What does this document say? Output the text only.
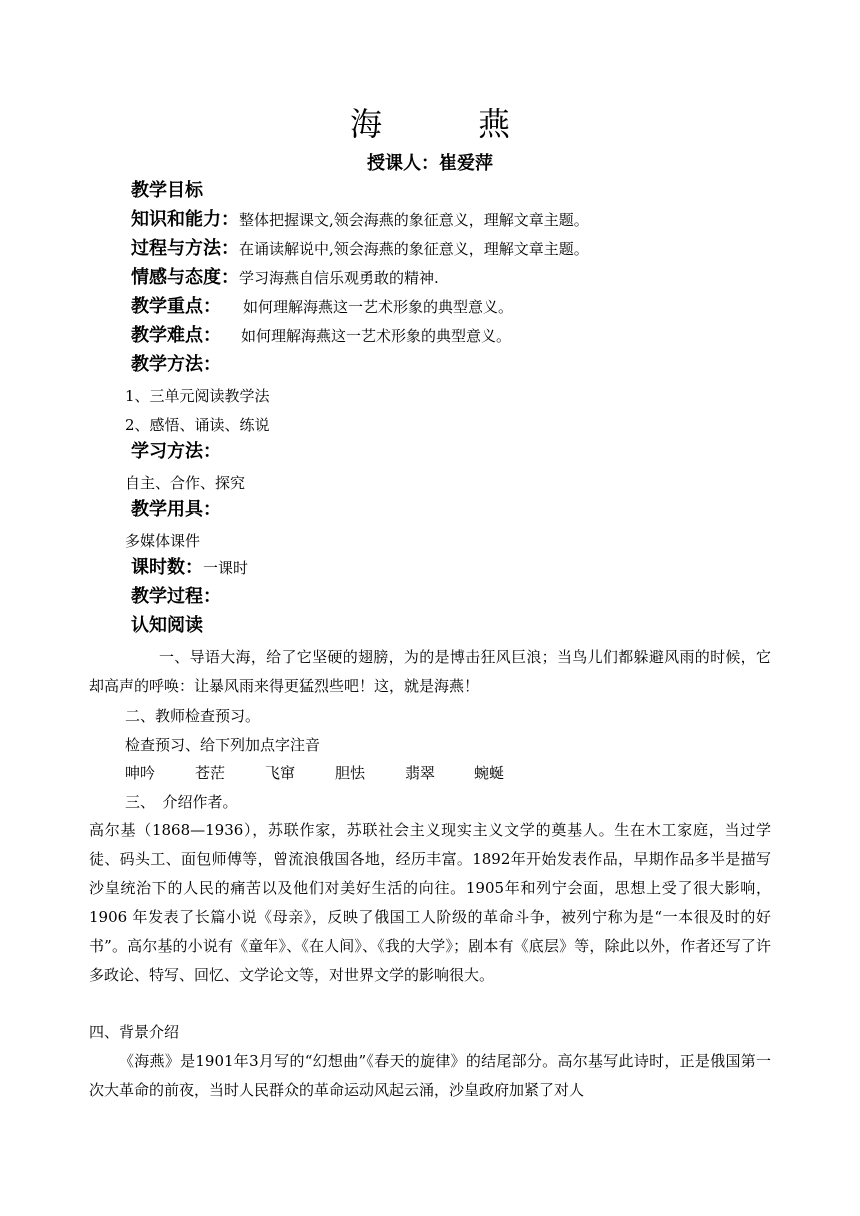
海	燕
授课人：崔爱萍
教学目标
知识和能力：整体把握课文,领会海燕的象征意义，理解文章主题。
过程与方法：在诵读解说中,领会海燕的象征意义，理解文章主题。
情感与态度：学习海燕自信乐观勇敢的精神.
教学重点： 如何理解海燕这一艺术形象的典型意义。
教学难点： 如何理解海燕这一艺术形象的典型意义。
教学方法：
1、三单元阅读教学法
2、感悟、诵读、练说
学习方法：
自主、合作、探究
教学用具：
多媒体课件
课时数：一课时
教学过程：
认知阅读
一、导语大海，给了它坚硬的翅膀，为的是博击狂风巨浪；当鸟儿们都躲避风雨的时候，它却高声的呼唤：让暴风雨来得更猛烈些吧！这，就是海燕！
二、教师检查预习。
检查预习、给下列加点字注音
呻吟	苍茫	飞窜	胆怯	翡翠	蜿蜒
三、　介绍作者。
高尔基（1868—1936），苏联作家，苏联社会主义现实主义文学的奠基人。生在木工家庭，当过学徒、码头工、面包师傅等，曾流浪俄国各地，经历丰富。1892年开始发表作品，早期作品多半是描写沙皇统治下的人民的痛苦以及他们对美好生活的向往。1905年和列宁会面，思想上受了很大影响，1906 年发表了长篇小说《母亲》，反映了俄国工人阶级的革命斗争，被列宁称为是“一本很及时的好书”。高尔基的小说有《童年》、《在人间》、《我的大学》；剧本有《底层》等，除此以外，作者还写了许多政论、特写、回忆、文学论文等，对世界文学的影响很大。
四、背景介绍
《海燕》是1901年3月写的“幻想曲”《春天的旋律》的结尾部分。高尔基写此诗时，正是俄国第一次大革命的前夜，当时人民群众的革命运动风起云涌，沙皇政府加紧了对人
